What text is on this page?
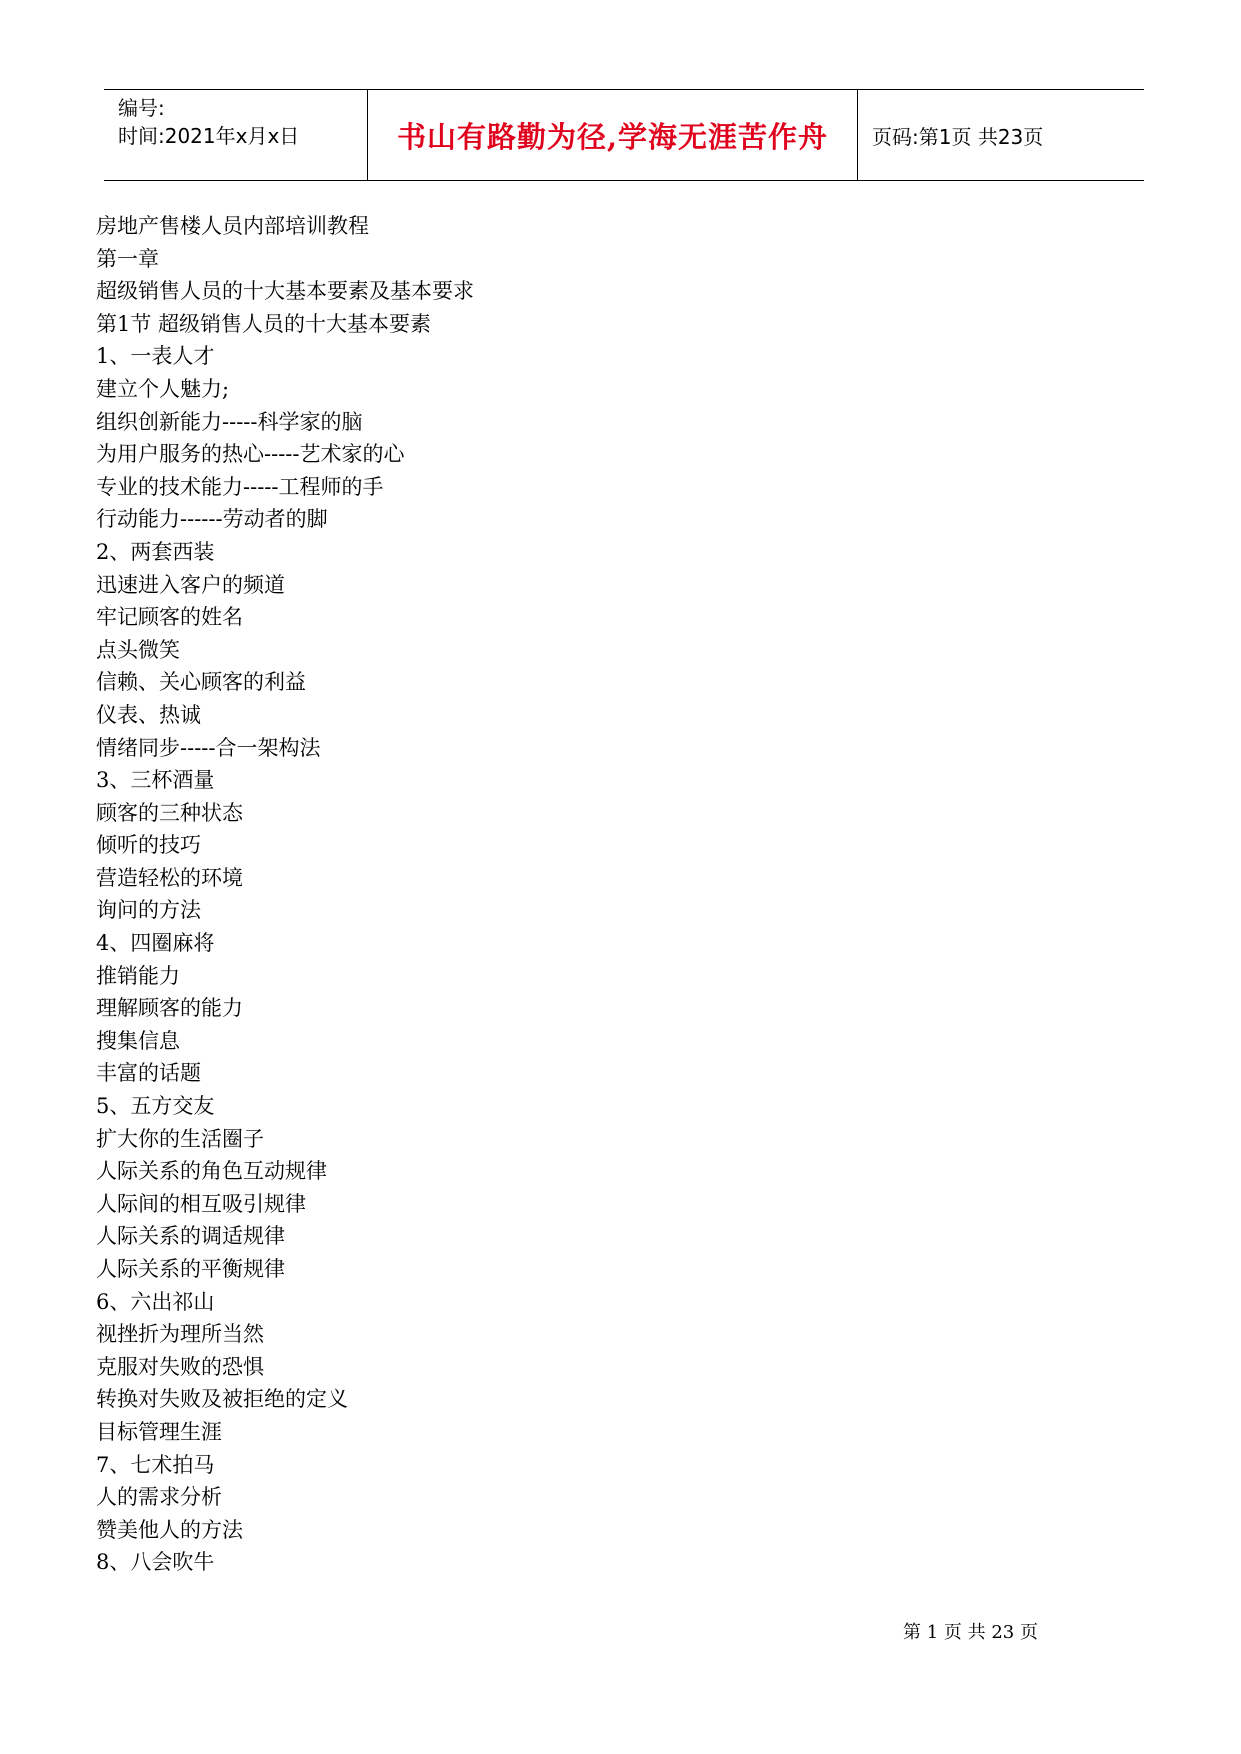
编号:
时间:2021年x月x日	书山有路勤为径,学海无涯苦作舟 页码:第1页 共23页
房地产售楼人员内部培训教程
第一章
超级销售人员的十大基本要素及基本要求
第1节 超级销售人员的十大基本要素
1、一表人才
建立个人魅力;
组织创新能力-----科学家的脑
为用户服务的热心-----艺术家的心
专业的技术能力-----工程师的手
行动能力------劳动者的脚
2、两套西装
迅速进入客户的频道
牢记顾客的姓名
点头微笑
信赖、关心顾客的利益
仪表、热诚
情绪同步-----合一架构法
3、三杯酒量
顾客的三种状态
倾听的技巧
营造轻松的环境
询问的方法
4、四圈麻将
推销能力
理解顾客的能力
搜集信息
丰富的话题
5、五方交友
扩大你的生活圈子
人际关系的角色互动规律
人际间的相互吸引规律
人际关系的调适规律
人际关系的平衡规律
6、六出祁山
视挫折为理所当然
克服对失败的恐惧
转换对失败及被拒绝的定义
目标管理生涯
7、七术拍马
人的需求分析
赞美他人的方法
8、八会吹牛
第 1 页 共 23 页
